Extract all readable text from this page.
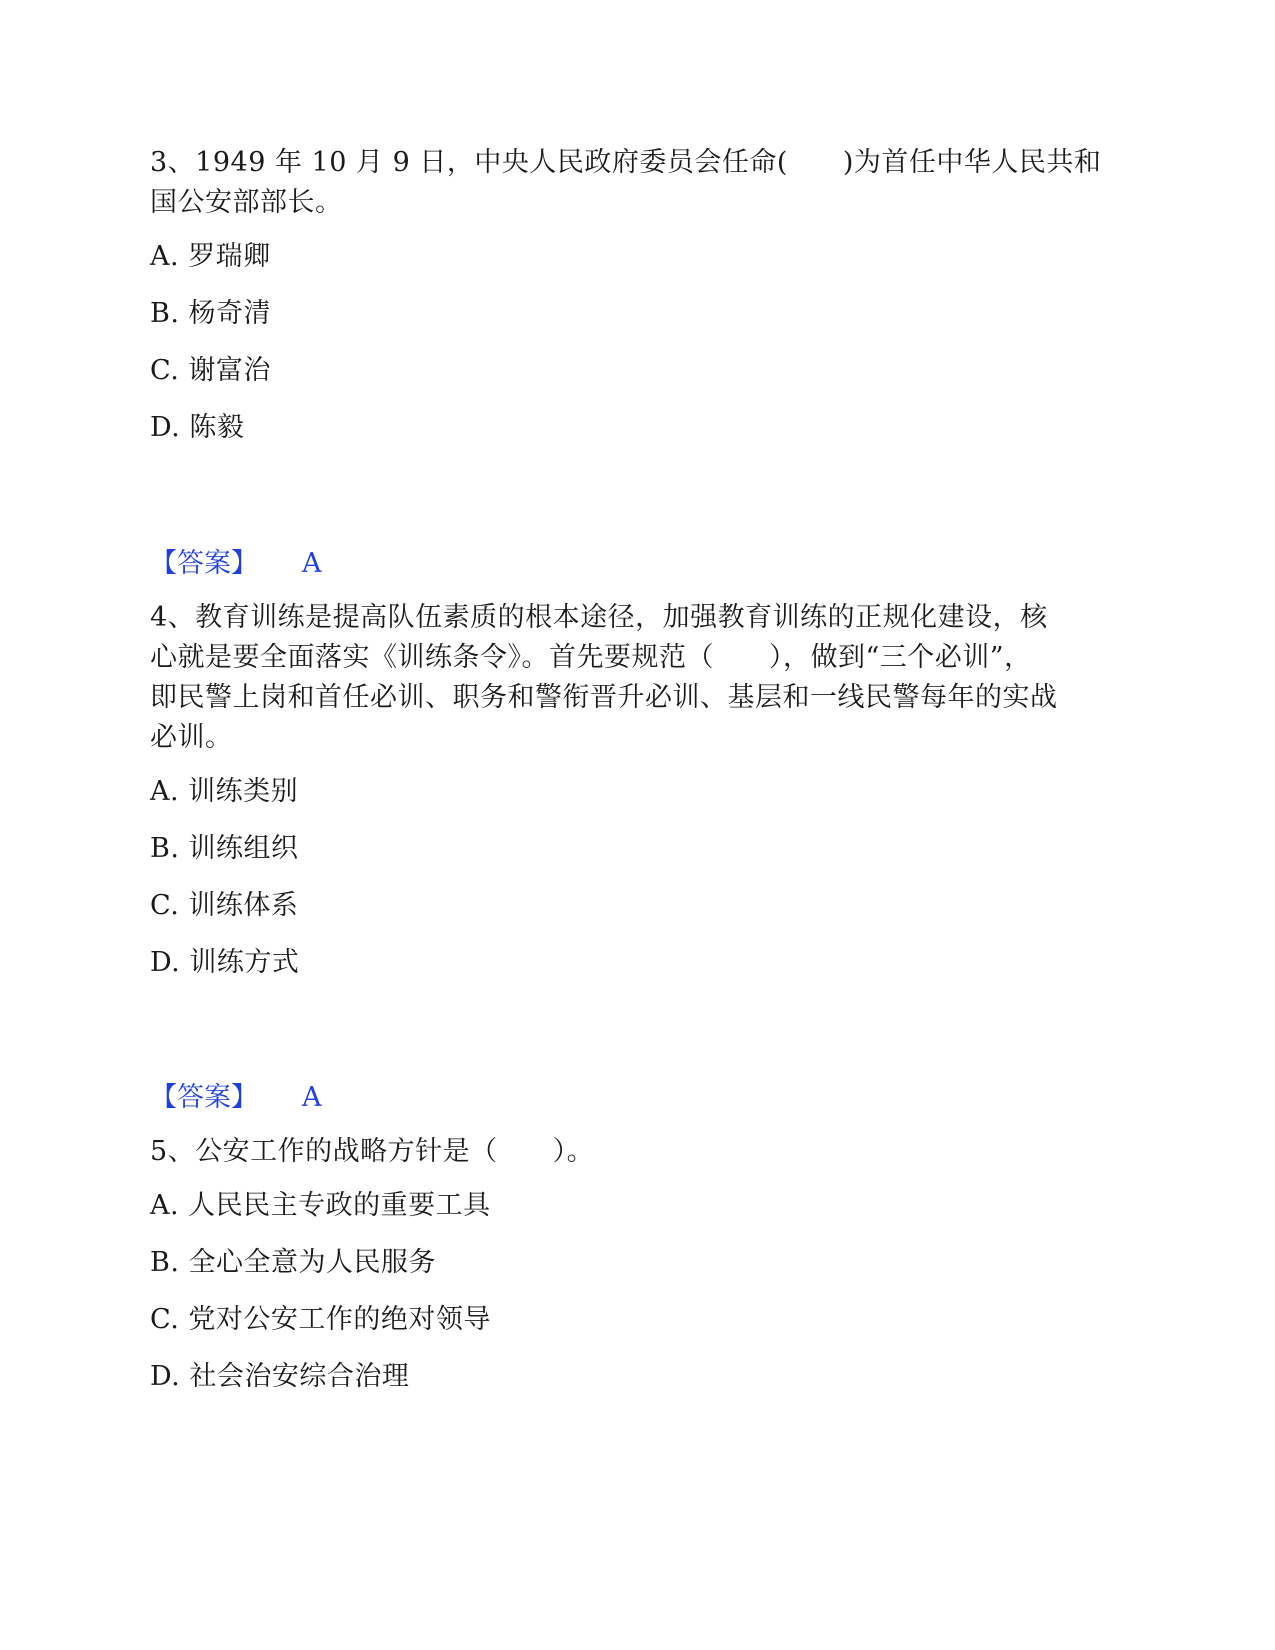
3、1949 年 10 月 9 日，中央人民政府委员会任命(　　)为首任中华人民共和

国公安部部长。

A. 罗瑞卿

B. 杨奇清

C. 谢富治

D. 陈毅

【答案】 A

4、教育训练是提高队伍素质的根本途径，加强教育训练的正规化建设，核

心就是要全面落实《训练条令》。首先要规范（　　），做到“三个必训”，

即民警上岗和首任必训、职务和警衔晋升必训、基层和一线民警每年的实战

必训。

A. 训练类别

B. 训练组织

C. 训练体系

D. 训练方式

【答案】 A

5、公安工作的战略方针是（　　）。

A. 人民民主专政的重要工具

B. 全心全意为人民服务

C. 党对公安工作的绝对领导

D. 社会治安综合治理
